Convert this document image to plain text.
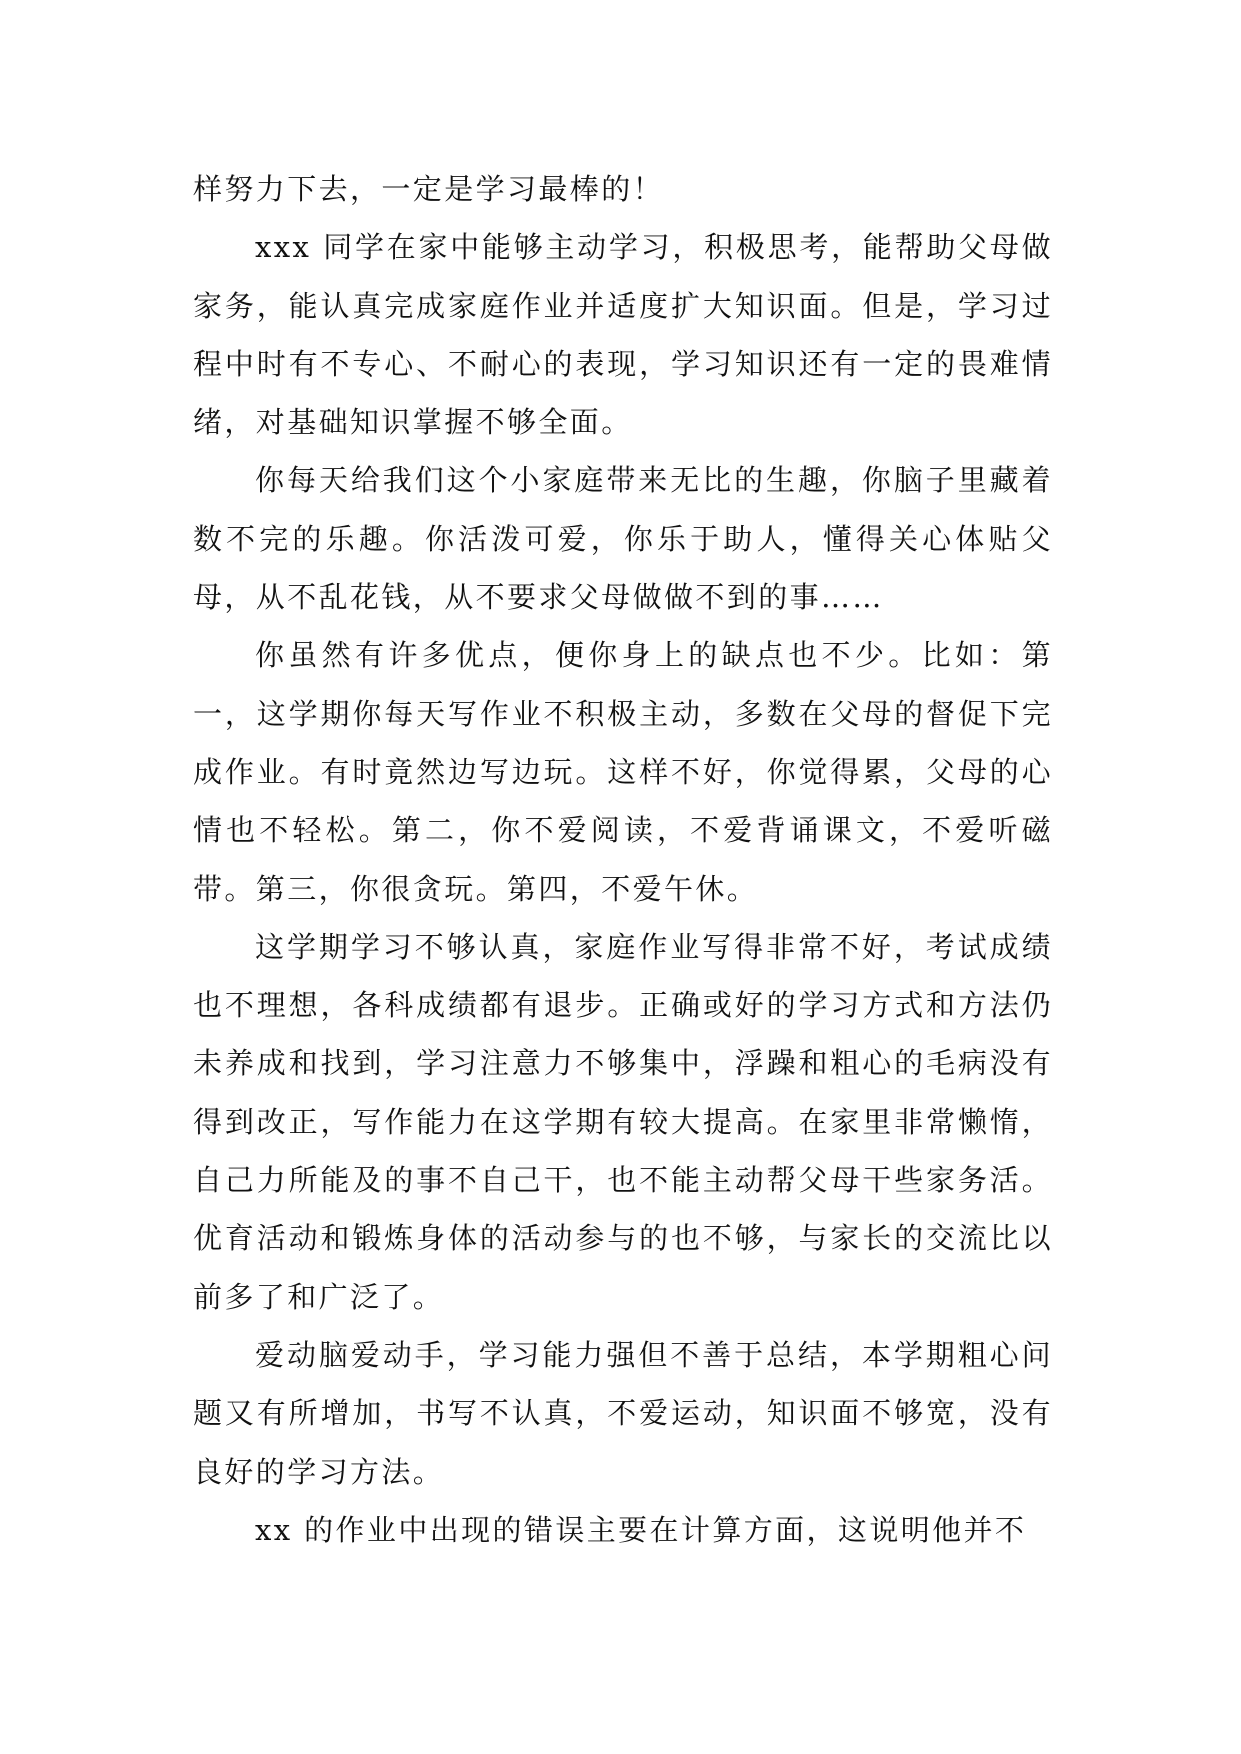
样努力下去，一定是学习最棒的！

xxx 同学在家中能够主动学习，积极思考，能帮助父母做家务，能认真完成家庭作业并适度扩大知识面。但是，学习过程中时有不专心、不耐心的表现，学习知识还有一定的畏难情绪，对基础知识掌握不够全面。

你每天给我们这个小家庭带来无比的生趣，你脑子里藏着数不完的乐趣。你活泼可爱，你乐于助人，懂得关心体贴父母，从不乱花钱，从不要求父母做做不到的事……

你虽然有许多优点，便你身上的缺点也不少。比如：第一，这学期你每天写作业不积极主动，多数在父母的督促下完成作业。有时竟然边写边玩。这样不好，你觉得累，父母的心情也不轻松。第二，你不爱阅读，不爱背诵课文，不爱听磁带。第三，你很贪玩。第四，不爱午休。

这学期学习不够认真，家庭作业写得非常不好，考试成绩也不理想，各科成绩都有退步。正确或好的学习方式和方法仍未养成和找到，学习注意力不够集中，浮躁和粗心的毛病没有得到改正，写作能力在这学期有较大提高。在家里非常懒惰，自己力所能及的事不自己干，也不能主动帮父母干些家务活。优育活动和锻炼身体的活动参与的也不够，与家长的交流比以前多了和广泛了。

爱动脑爱动手，学习能力强但不善于总结，本学期粗心问题又有所增加，书写不认真，不爱运动，知识面不够宽，没有良好的学习方法。

xx 的作业中出现的错误主要在计算方面，这说明他并不
